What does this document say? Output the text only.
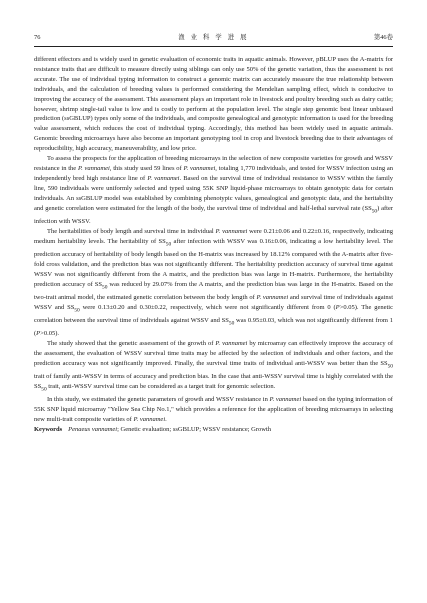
76	渔 业 科 学 进 展	第46卷

different effectors and is widely used in genetic evaluation of economic traits in aquatic animals. However, pBLUP uses the A-matrix for resistance traits that are difficult to measure directly using siblings can only use 50% of the genetic variation, thus the assessment is not accurate. The use of individual typing information to construct a genomic matrix can accurately measure the true relationship between individuals, and the calculation of breeding values is performed considering the Mendelian sampling effect, which is conducive to improving the accuracy of the assessment. This assessment plays an important role in livestock and poultry breeding such as dairy cattle; however, shrimp single-tail value is low and is costly to perform at the population level. The single step genomic best linear unbiased prediction (ssGBLUP) types only some of the individuals, and composite genealogical and genotypic information is used for the breeding value assessment, which reduces the cost of individual typing. Accordingly, this method has been widely used in aquatic animals. Genomic breeding microarrays have also become an important genotyping tool in crop and livestock breeding due to their advantages of reproducibility, high accuracy, maneuverability, and low price.

To assess the prospects for the application of breeding microarrays in the selection of new composite varieties for growth and WSSV resistance in the P. vannamei, this study used 59 lines of P. vannamei, totaling 1,770 individuals, and tested for WSSV infection using an independently bred high resistance line of P. vannamei. Based on the survival time of individual resistance to WSSV within the family line, 590 individuals were uniformly selected and typed using 55K SNP liquid-phase microarrays to obtain genotypic data for certain individuals. An ssGBLUP model was established by combining phenotypic values, genealogical and genotypic data, and the heritability and genetic correlation were estimated for the length of the body, the survival time of individual and half-lethal survival rate $(SS_{50})$ after infection with WSSV.

The heritabilities of body length and survival time in individual P. vannamei were 0.21±0.06 and 0.22±0.16, respectively, indicating medium heritability levels. The heritability of $SS_{50}$ after infection with WSSV was 0.16±0.06, indicating a low heritability level. The prediction accuracy of heritability of body length based on the H-matrix was increased by 18.12% compared with the A-matrix after five-fold cross validation, and the prediction bias was not significantly different. The heritability prediction accuracy of survival time against WSSV was not significantly different from the A matrix, and the prediction bias was large in H-matrix. Furthermore, the heritability prediction accuracy of $SS_{50}$ was reduced by 29.07% from the A matrix, and the prediction bias was large in the H-matrix. Based on the two-trait animal model, the estimated genetic correlation between the body length of P. vannamei and survival time of individuals against WSSV and $SS_{50}$ were 0.13±0.20 and 0.30±0.22, respectively, which were not significantly different from 0 (P>0.05). The genetic correlation between the survival time of individuals against WSSV and $SS_{50}$ was 0.95±0.03, which was not significantly different from 1 (P>0.05).

The study showed that the genetic assessment of the growth of P. vannamei by microarray can effectively improve the accuracy of the assessment, the evaluation of WSSV survival time traits may be affected by the selection of individuals and other factors, and the prediction accuracy was not significantly improved. Finally, the survival time traits of individual anti-WSSV was better than the $SS_{50}$ trait of family anti-WSSV in terms of accuracy and prediction bias. In the case that anti-WSSV survival time is highly correlated with the $SS_{50}$ trait, anti-WSSV survival time can be considered as a target trait for genomic selection.

In this study, we estimated the genetic parameters of growth and WSSV resistance in P. vannamei based on the typing information of 55K SNP liquid microarray "Yellow Sea Chip No.1," which provides a reference for the application of breeding microarrays in selecting new multi-trait composite varieties of P. vannamei.

Keywords Penaeus vannamei; Genetic evaluation; ssGBLUP; WSSV resistance; Growth
